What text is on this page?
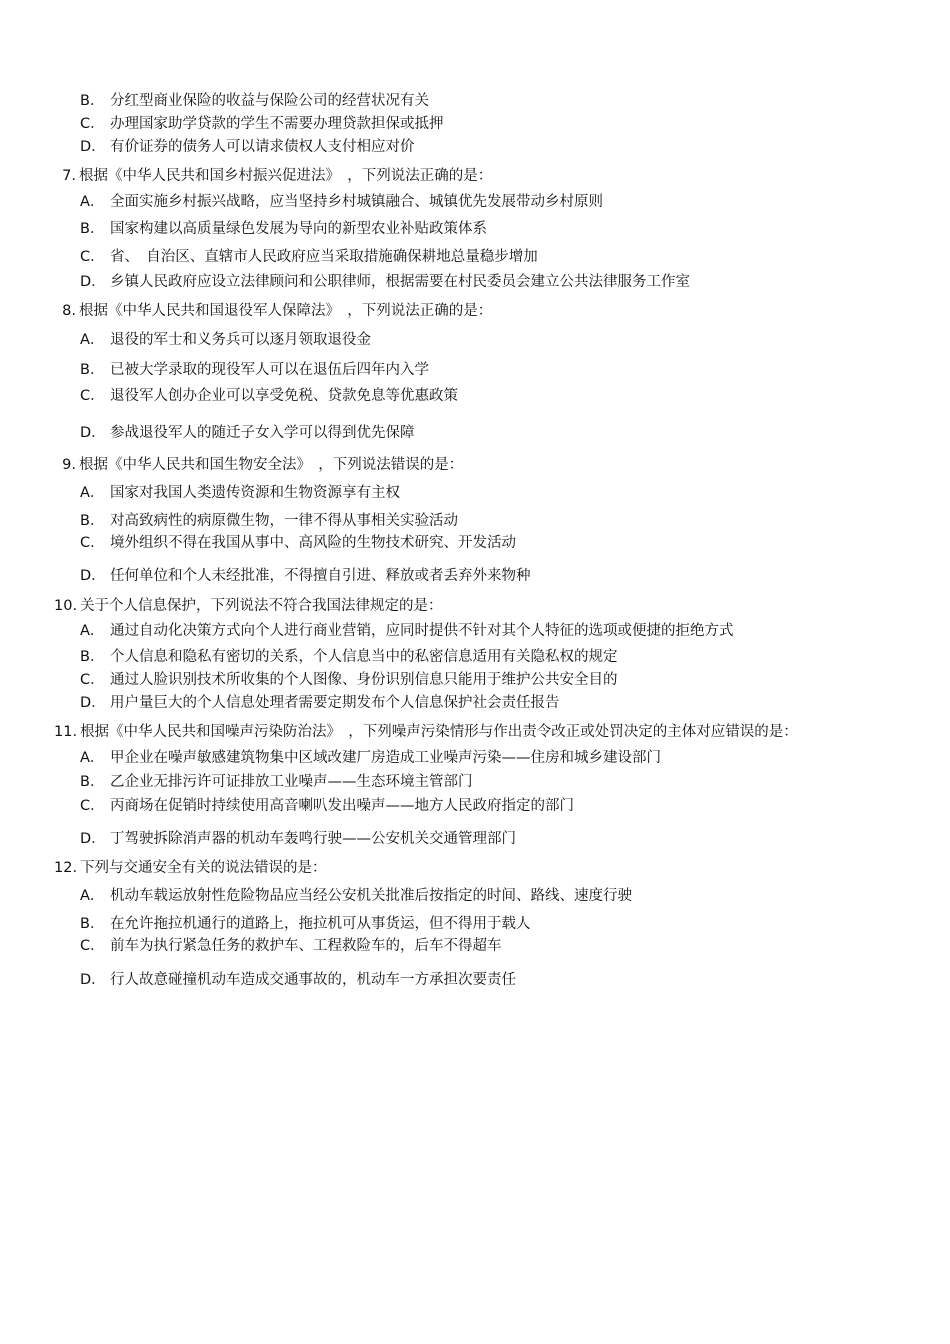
B． 分红型商业保险的收益与保险公司的经营状况有关
C． 办理国家助学贷款的学生不需要办理贷款担保或抵押
D． 有价证券的债务人可以请求债权人支付相应对价
7. 根据《中华人民共和国乡村振兴促进法》　，下列说法正确的是：
A． 全面实施乡村振兴战略，应当坚持乡村城镇融合、城镇优先发展带动乡村原则
B． 国家构建以高质量绿色发展为导向的新型农业补贴政策体系
C． 省、　自治区、直辖市人民政府应当采取措施确保耕地总量稳步增加
D． 乡镇人民政府应设立法律顾问和公职律师，根据需要在村民委员会建立公共法律服务工作室
8. 根据《中华人民共和国退役军人保障法》　，下列说法正确的是：
A． 退役的军士和义务兵可以逐月领取退役金
B． 已被大学录取的现役军人可以在退伍后四年内入学
C． 退役军人创办企业可以享受免税、贷款免息等优惠政策
D． 参战退役军人的随迁子女入学可以得到优先保障
9. 根据《中华人民共和国生物安全法》　，下列说法错误的是：
A． 国家对我国人类遗传资源和生物资源享有主权
B． 对高致病性的病原微生物，一律不得从事相关实验活动
C． 境外组织不得在我国从事中、高风险的生物技术研究、开发活动
D． 任何单位和个人未经批准，不得擅自引进、释放或者丢弃外来物种
10. 关于个人信息保护，下列说法不符合我国法律规定的是：
A． 通过自动化决策方式向个人进行商业营销，应同时提供不针对其个人特征的选项或便捷的拒绝方式
B． 个人信息和隐私有密切的关系，个人信息当中的私密信息适用有关隐私权的规定
C． 通过人脸识别技术所收集的个人图像、身份识别信息只能用于维护公共安全目的
D． 用户量巨大的个人信息处理者需要定期发布个人信息保护社会责任报告
11. 根据《中华人民共和国噪声污染防治法》　，下列噪声污染情形与作出责令改正或处罚决定的主体对应错误的是：
A． 甲企业在噪声敏感建筑物集中区域改建厂房造成工业噪声污染——住房和城乡建设部门
B． 乙企业无排污许可证排放工业噪声——生态环境主管部门
C． 丙商场在促销时持续使用高音喇叭发出噪声——地方人民政府指定的部门
D． 丁驾驶拆除消声器的机动车轰鸣行驶——公安机关交通管理部门
12. 下列与交通安全有关的说法错误的是：
A． 机动车载运放射性危险物品应当经公安机关批准后按指定的时间、路线、速度行驶
B． 在允许拖拉机通行的道路上，拖拉机可从事货运，但不得用于载人
C． 前车为执行紧急任务的救护车、工程救险车的，后车不得超车
D． 行人故意碰撞机动车造成交通事故的，机动车一方承担次要责任
